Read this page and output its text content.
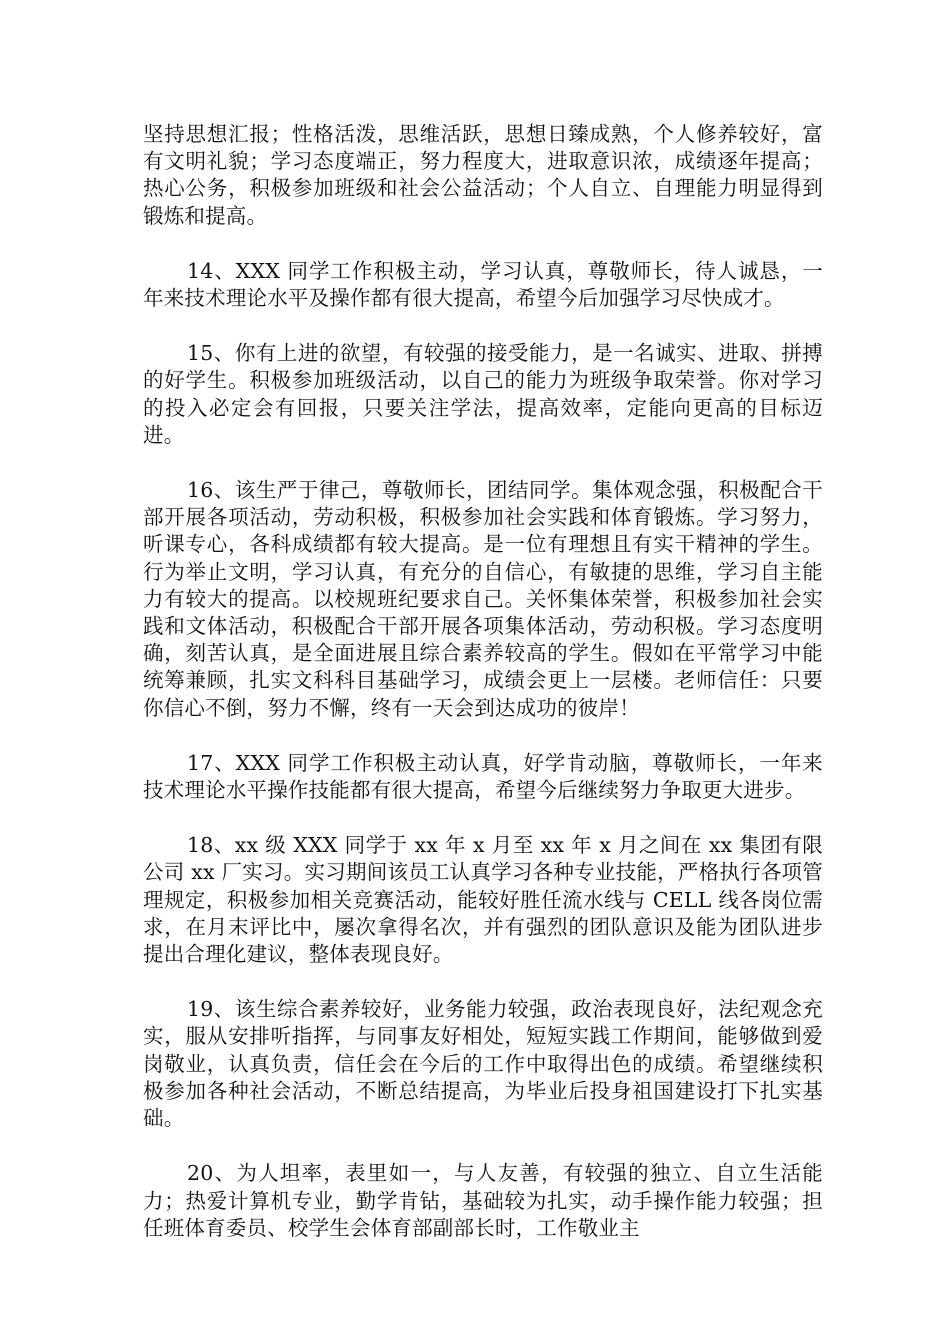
坚持思想汇报；性格活泼，思维活跃，思想日臻成熟，个人修养较好，富有文明礼貌；学习态度端正，努力程度大，进取意识浓，成绩逐年提高；热心公务，积极参加班级和社会公益活动；个人自立、自理能力明显得到锻炼和提高。

14、XXX 同学工作积极主动，学习认真，尊敬师长，待人诚恳，一年来技术理论水平及操作都有很大提高，希望今后加强学习尽快成才。

15、你有上进的欲望，有较强的接受能力，是一名诚实、进取、拼搏的好学生。积极参加班级活动，以自己的能力为班级争取荣誉。你对学习的投入必定会有回报，只要关注学法，提高效率，定能向更高的目标迈进。

16、该生严于律己，尊敬师长，团结同学。集体观念强，积极配合干部开展各项活动，劳动积极，积极参加社会实践和体育锻炼。学习努力，听课专心，各科成绩都有较大提高。是一位有理想且有实干精神的学生。行为举止文明，学习认真，有充分的自信心，有敏捷的思维，学习自主能力有较大的提高。以校规班纪要求自己。关怀集体荣誉，积极参加社会实践和文体活动，积极配合干部开展各项集体活动，劳动积极。学习态度明确，刻苦认真，是全面进展且综合素养较高的学生。假如在平常学习中能统筹兼顾，扎实文科科目基础学习，成绩会更上一层楼。老师信任：只要你信心不倒，努力不懈，终有一天会到达成功的彼岸！

17、XXX 同学工作积极主动认真，好学肯动脑，尊敬师长，一年来技术理论水平操作技能都有很大提高，希望今后继续努力争取更大进步。

18、xx 级 XXX 同学于 xx 年 x 月至 xx 年 x 月之间在 xx 集团有限公司 xx 厂实习。实习期间该员工认真学习各种专业技能，严格执行各项管理规定，积极参加相关竞赛活动，能较好胜任流水线与 CELL 线各岗位需求，在月末评比中，屡次拿得名次，并有强烈的团队意识及能为团队进步提出合理化建议，整体表现良好。

19、该生综合素养较好，业务能力较强，政治表现良好，法纪观念充实，服从安排听指挥，与同事友好相处，短短实践工作期间，能够做到爱岗敬业，认真负责，信任会在今后的工作中取得出色的成绩。希望继续积极参加各种社会活动，不断总结提高，为毕业后投身祖国建设打下扎实基础。

20、为人坦率，表里如一，与人友善，有较强的独立、自立生活能力；热爱计算机专业，勤学肯钻，基础较为扎实，动手操作能力较强；担任班体育委员、校学生会体育部副部长时，工作敬业主
